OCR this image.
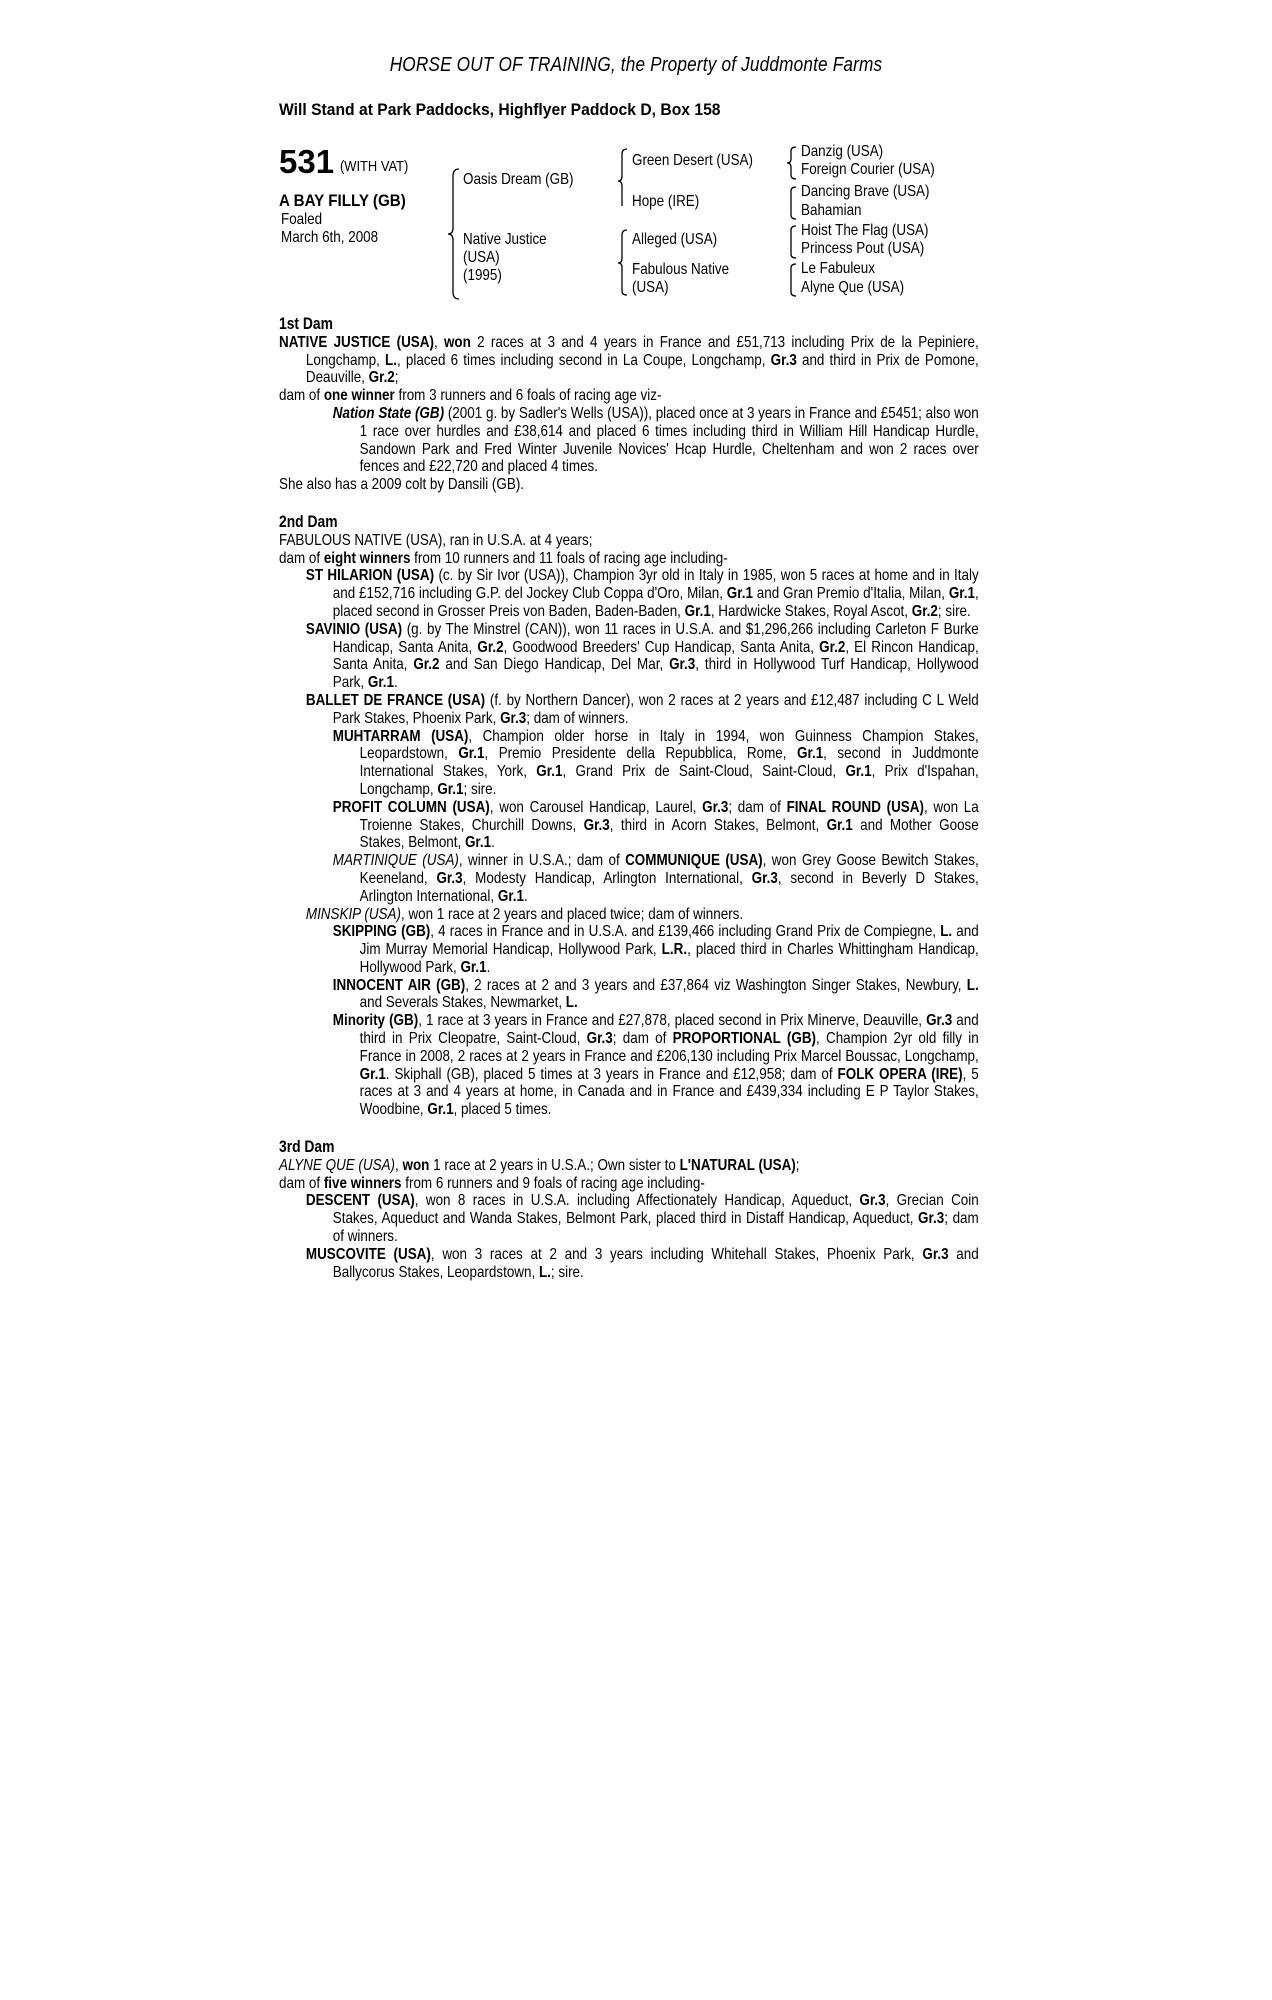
HORSE OUT OF TRAINING, the Property of Juddmonte Farms
Will Stand at Park Paddocks, Highflyer Paddock D, Box 158
531 (WITH VAT)
A BAY FILLY (GB)
Foaled
March 6th, 2008
Oasis Dream (GB)
Native Justice
(USA)
(1995)
Green Desert (USA)
Hope (IRE)
Alleged (USA)
Fabulous Native
(USA)
Danzig (USA)
Foreign Courier (USA)
Dancing Brave (USA)
Bahamian
Hoist The Flag (USA)
Princess Pout (USA)
Le Fabuleux
Alyne Que (USA)
1st Dam
NATIVE JUSTICE (USA), won 2 races at 3 and 4 years in France and £51,713 including Prix de la Pepiniere, Longchamp, L., placed 6 times including second in La Coupe, Longchamp, Gr.3 and third in Prix de Pomone, Deauville, Gr.2;
dam of one winner from 3 runners and 6 foals of racing age viz-
Nation State (GB) (2001 g. by Sadler's Wells (USA)), placed once at 3 years in France and £5451; also won 1 race over hurdles and £38,614 and placed 6 times including third in William Hill Handicap Hurdle, Sandown Park and Fred Winter Juvenile Novices' Hcap Hurdle, Cheltenham and won 2 races over fences and £22,720 and placed 4 times.
She also has a 2009 colt by Dansili (GB).
2nd Dam
FABULOUS NATIVE (USA), ran in U.S.A. at 4 years;
dam of eight winners from 10 runners and 11 foals of racing age including-
ST HILARION (USA) (c. by Sir Ivor (USA)), Champion 3yr old in Italy in 1985, won 5 races at home and in Italy and £152,716 including G.P. del Jockey Club Coppa d'Oro, Milan, Gr.1 and Gran Premio d'Italia, Milan, Gr.1, placed second in Grosser Preis von Baden, Baden-Baden, Gr.1, Hardwicke Stakes, Royal Ascot, Gr.2; sire.
SAVINIO (USA) (g. by The Minstrel (CAN)), won 11 races in U.S.A. and $1,296,266 including Carleton F Burke Handicap, Santa Anita, Gr.2, Goodwood Breeders' Cup Handicap, Santa Anita, Gr.2, El Rincon Handicap, Santa Anita, Gr.2 and San Diego Handicap, Del Mar, Gr.3, third in Hollywood Turf Handicap, Hollywood Park, Gr.1.
BALLET DE FRANCE (USA) (f. by Northern Dancer), won 2 races at 2 years and £12,487 including C L Weld Park Stakes, Phoenix Park, Gr.3; dam of winners.
MUHTARRAM (USA), Champion older horse in Italy in 1994, won Guinness Champion Stakes, Leopardstown, Gr.1, Premio Presidente della Repubblica, Rome, Gr.1, second in Juddmonte International Stakes, York, Gr.1, Grand Prix de Saint-Cloud, Saint-Cloud, Gr.1, Prix d'Ispahan, Longchamp, Gr.1; sire.
PROFIT COLUMN (USA), won Carousel Handicap, Laurel, Gr.3; dam of FINAL ROUND (USA), won La Troienne Stakes, Churchill Downs, Gr.3, third in Acorn Stakes, Belmont, Gr.1 and Mother Goose Stakes, Belmont, Gr.1.
MARTINIQUE (USA), winner in U.S.A.; dam of COMMUNIQUE (USA), won Grey Goose Bewitch Stakes, Keeneland, Gr.3, Modesty Handicap, Arlington International, Gr.3, second in Beverly D Stakes, Arlington International, Gr.1.
MINSKIP (USA), won 1 race at 2 years and placed twice; dam of winners.
SKIPPING (GB), 4 races in France and in U.S.A. and £139,466 including Grand Prix de Compiegne, L. and Jim Murray Memorial Handicap, Hollywood Park, L.R., placed third in Charles Whittingham Handicap, Hollywood Park, Gr.1.
INNOCENT AIR (GB), 2 races at 2 and 3 years and £37,864 viz Washington Singer Stakes, Newbury, L. and Severals Stakes, Newmarket, L.
Minority (GB), 1 race at 3 years in France and £27,878, placed second in Prix Minerve, Deauville, Gr.3 and third in Prix Cleopatre, Saint-Cloud, Gr.3; dam of PROPORTIONAL (GB), Champion 2yr old filly in France in 2008, 2 races at 2 years in France and £206,130 including Prix Marcel Boussac, Longchamp, Gr.1. Skiphall (GB), placed 5 times at 3 years in France and £12,958; dam of FOLK OPERA (IRE), 5 races at 3 and 4 years at home, in Canada and in France and £439,334 including E P Taylor Stakes, Woodbine, Gr.1, placed 5 times.
3rd Dam
ALYNE QUE (USA), won 1 race at 2 years in U.S.A.; Own sister to L'NATURAL (USA);
dam of five winners from 6 runners and 9 foals of racing age including-
DESCENT (USA), won 8 races in U.S.A. including Affectionately Handicap, Aqueduct, Gr.3, Grecian Coin Stakes, Aqueduct and Wanda Stakes, Belmont Park, placed third in Distaff Handicap, Aqueduct, Gr.3; dam of winners.
MUSCOVITE (USA), won 3 races at 2 and 3 years including Whitehall Stakes, Phoenix Park, Gr.3 and Ballycorus Stakes, Leopardstown, L.; sire.
